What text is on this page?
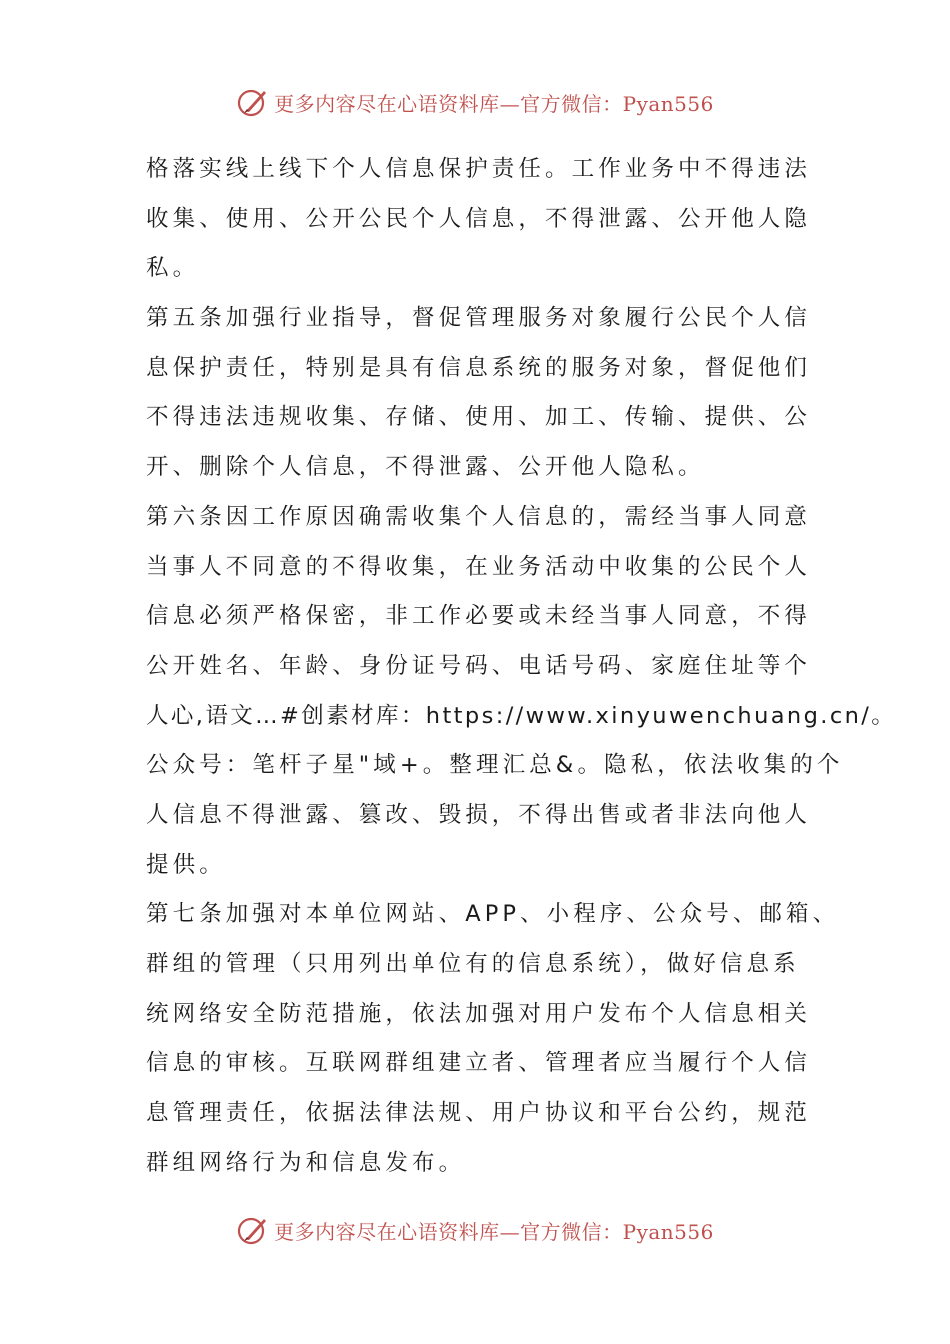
更多内容尽在心语资料库—官方微信：Pyan556
格落实线上线下个人信息保护责任。工作业务中不得违法
收集、使用、公开公民个人信息，不得泄露、公开他人隐
私。
第五条加强行业指导，督促管理服务对象履行公民个人信
息保护责任，特别是具有信息系统的服务对象，督促他们
不得违法违规收集、存储、使用、加工、传输、提供、公
开、删除个人信息，不得泄露、公开他人隐私。
第六条因工作原因确需收集个人信息的，需经当事人同意
当事人不同意的不得收集，在业务活动中收集的公民个人
信息必须严格保密，非工作必要或未经当事人同意，不得
公开姓名、年龄、身份证号码、电话号码、家庭住址等个
人心,语文…#创素材库：https://www.xinyuwenchuang.cn/。
公众号：笔杆子星"域+。整理汇总&。隐私，依法收集的个
人信息不得泄露、篡改、毁损，不得出售或者非法向他人
提供。
第七条加强对本单位网站、APP、小程序、公众号、邮箱、
群组的管理（只用列出单位有的信息系统），做好信息系
统网络安全防范措施，依法加强对用户发布个人信息相关
信息的审核。互联网群组建立者、管理者应当履行个人信
息管理责任，依据法律法规、用户协议和平台公约，规范
群组网络行为和信息发布。
更多内容尽在心语资料库—官方微信：Pyan556
